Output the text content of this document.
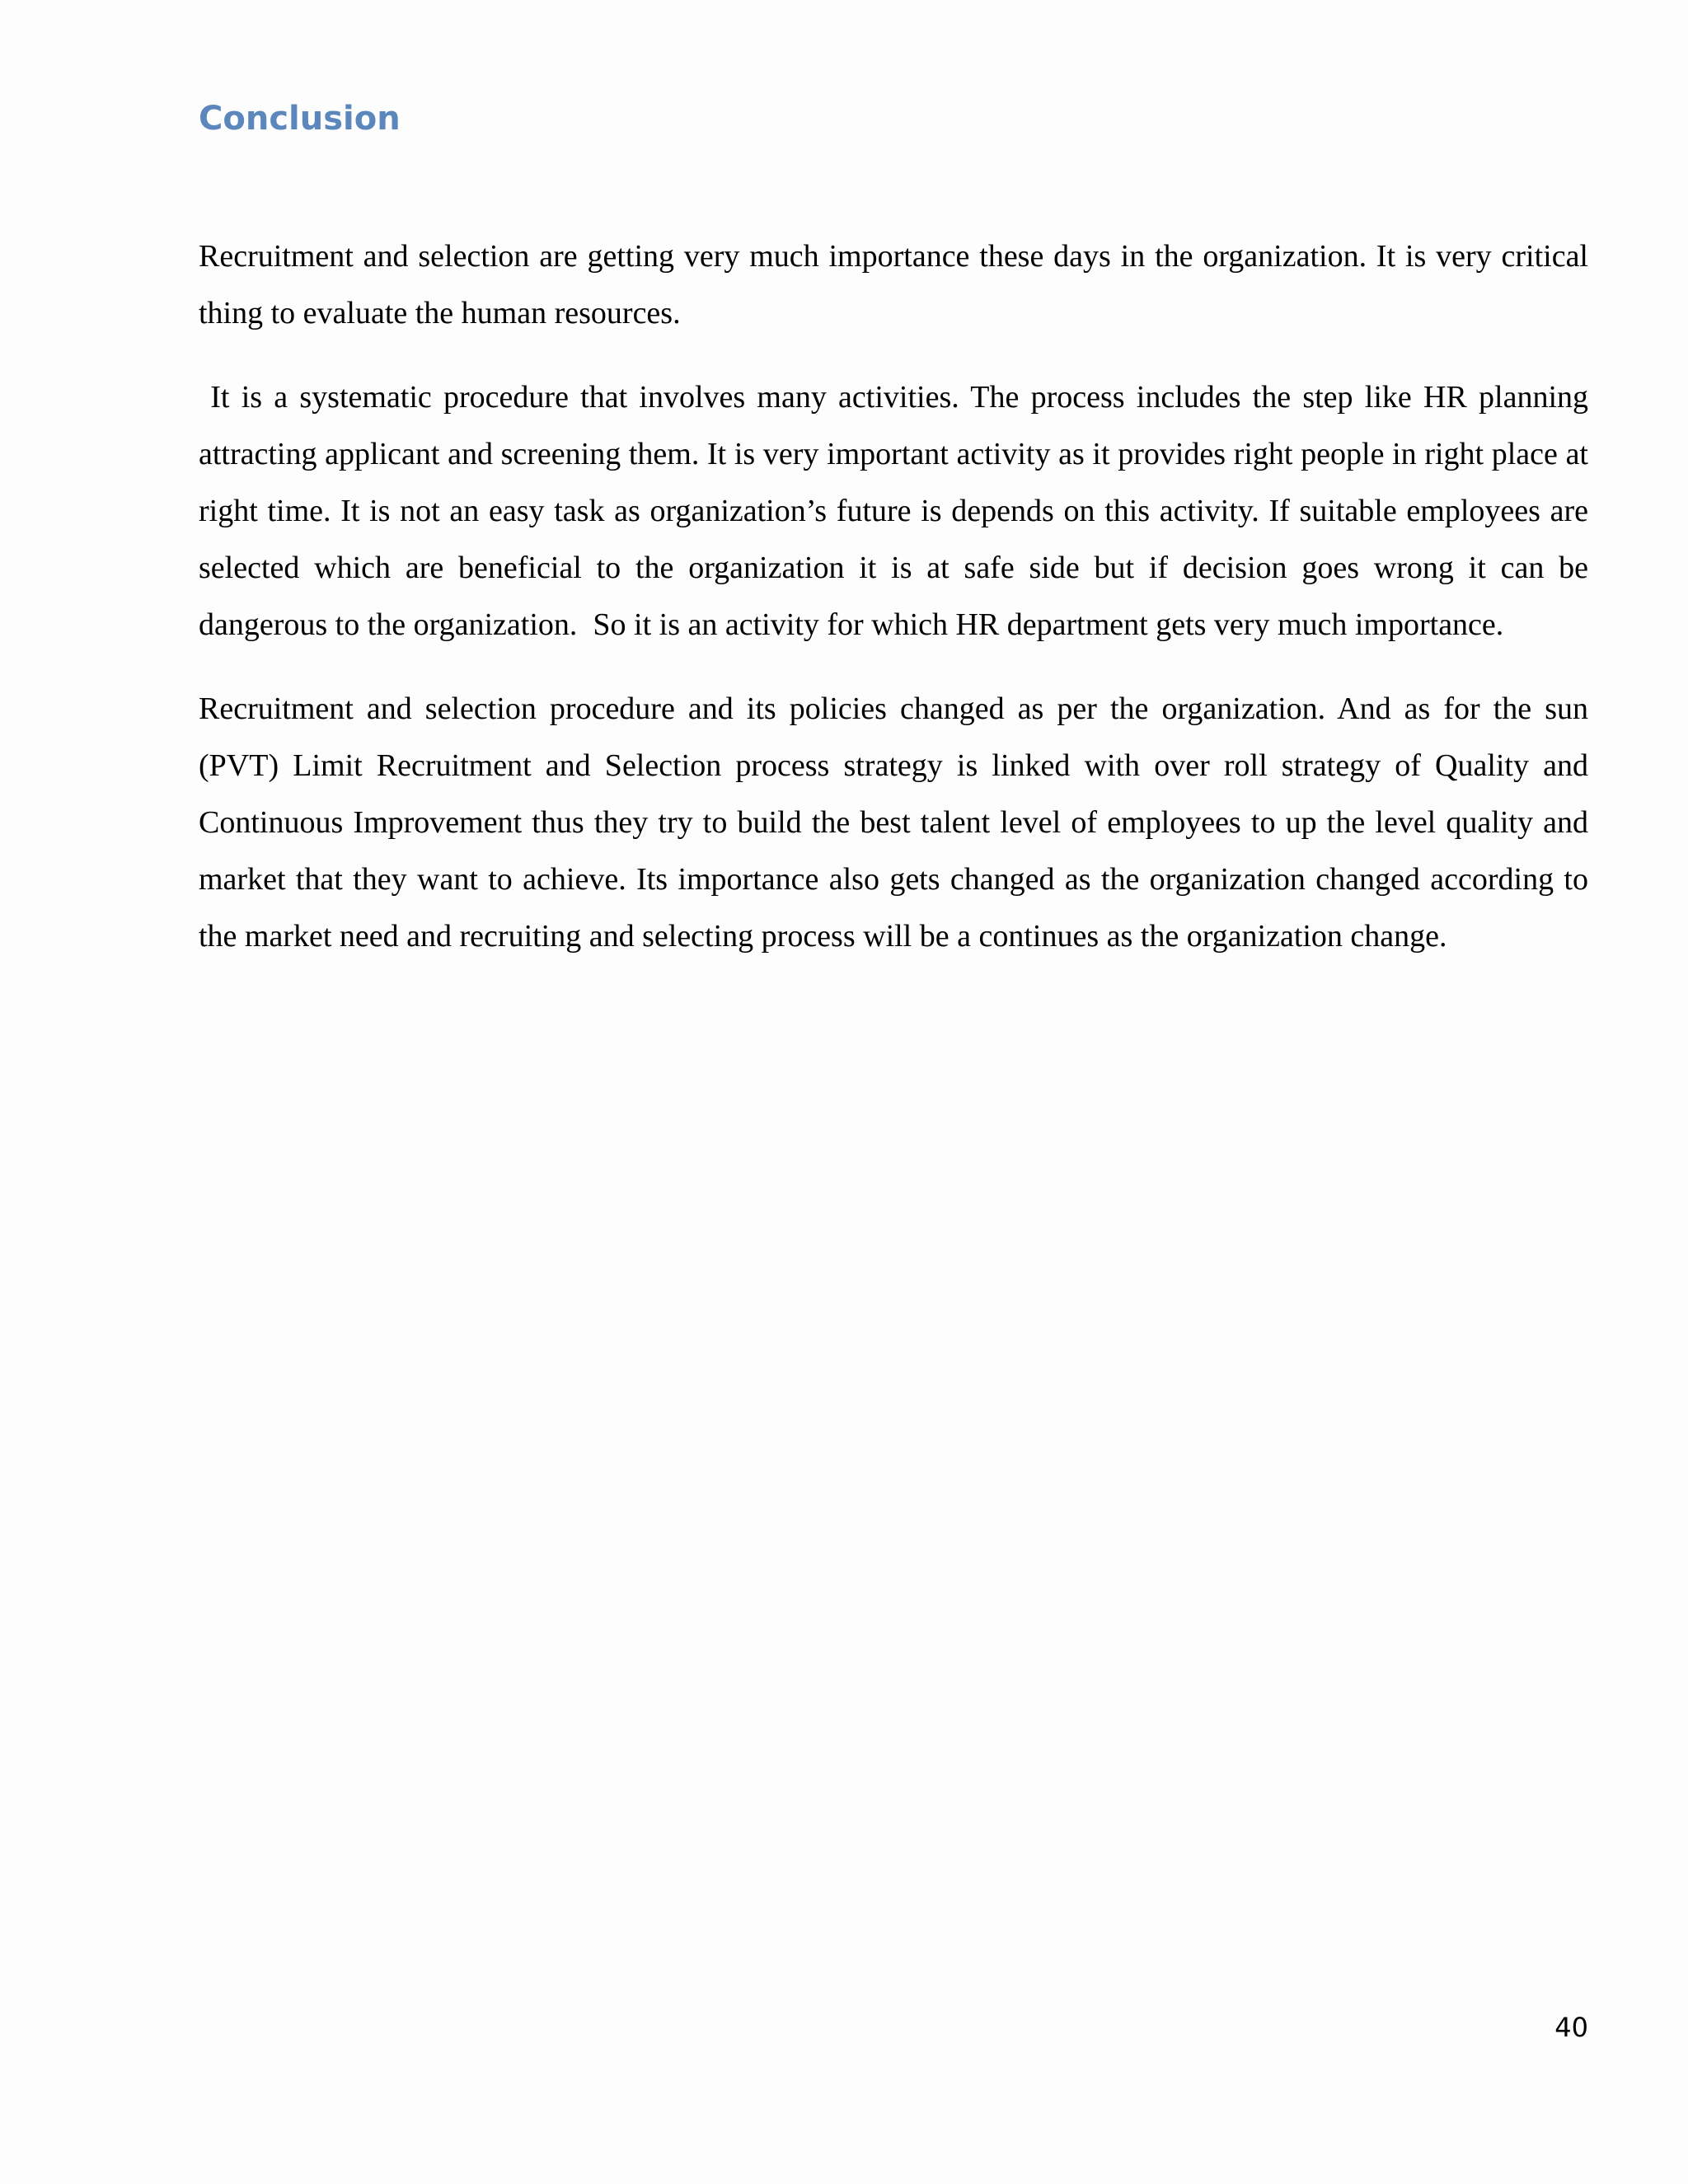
Conclusion

Recruitment and selection are getting very much importance these days in the organization. It is very critical thing to evaluate the human resources.

It is a systematic procedure that involves many activities. The process includes the step like HR planning attracting applicant and screening them. It is very important activity as it provides right people in right place at right time. It is not an easy task as organization’s future is depends on this activity. If suitable employees are selected which are beneficial to the organization it is at safe side but if decision goes wrong it can be dangerous to the organization.  So it is an activity for which HR department gets very much importance.

Recruitment and selection procedure and its policies changed as per the organization. And as for the sun (PVT) Limit Recruitment and Selection process strategy is linked with over roll strategy of Quality and Continuous Improvement thus they try to build the best talent level of employees to up the level quality and market that they want to achieve. Its importance also gets changed as the organization changed according to the market need and recruiting and selecting process will be a continues as the organization change.

40
